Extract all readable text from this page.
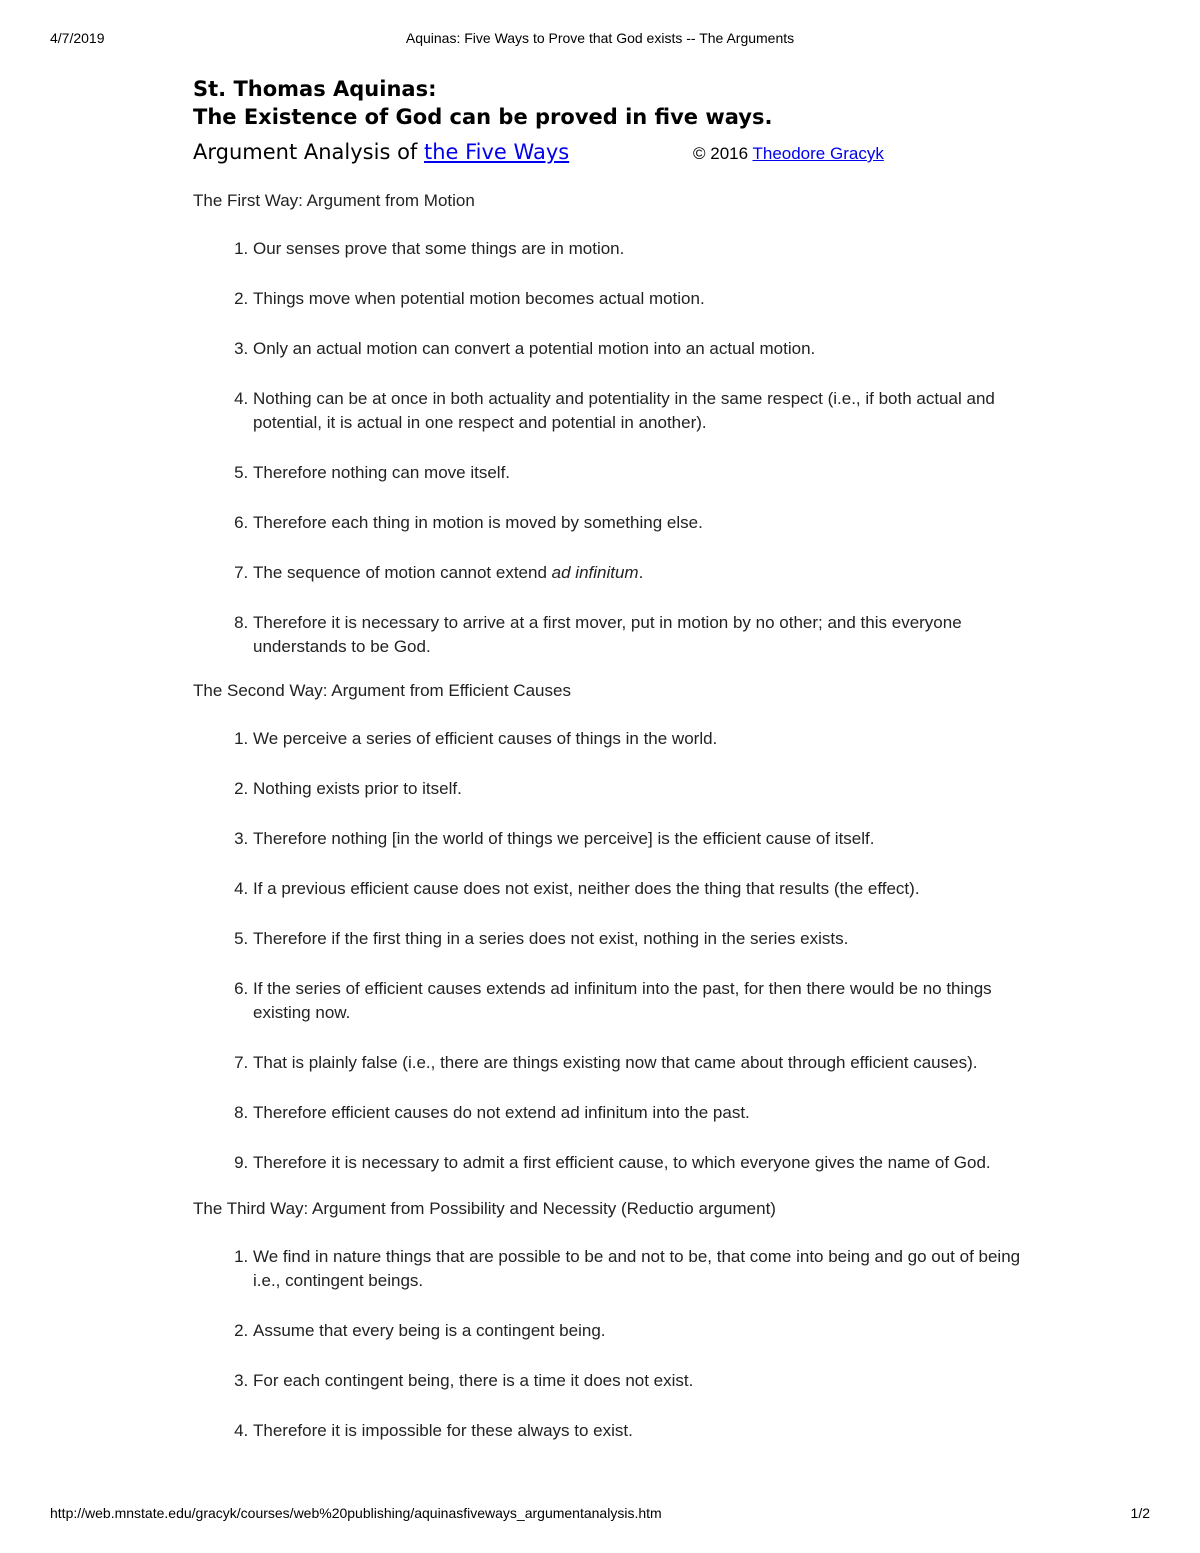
4/7/2019	Aquinas: Five Ways to Prove that God exists -- The Arguments

St. Thomas Aquinas:

The Existence of God can be proved in five ways.

Argument Analysis of the Five Ways	© 2016 Theodore Gracyk

The First Way: Argument from Motion

1. Our senses prove that some things are in motion.
2. Things move when potential motion becomes actual motion.
3. Only an actual motion can convert a potential motion into an actual motion.
4. Nothing can be at once in both actuality and potentiality in the same respect (i.e., if both actual and potential, it is actual in one respect and potential in another).
5. Therefore nothing can move itself.
6. Therefore each thing in motion is moved by something else.
7. The sequence of motion cannot extend ad infinitum.
8. Therefore it is necessary to arrive at a first mover, put in motion by no other; and this everyone understands to be God.

The Second Way: Argument from Efficient Causes

1. We perceive a series of efficient causes of things in the world.
2. Nothing exists prior to itself.
3. Therefore nothing [in the world of things we perceive] is the efficient cause of itself.
4. If a previous efficient cause does not exist, neither does the thing that results (the effect).
5. Therefore if the first thing in a series does not exist, nothing in the series exists.
6. If the series of efficient causes extends ad infinitum into the past, for then there would be no things existing now.
7. That is plainly false (i.e., there are things existing now that came about through efficient causes).
8. Therefore efficient causes do not extend ad infinitum into the past.
9. Therefore it is necessary to admit a first efficient cause, to which everyone gives the name of God.

The Third Way: Argument from Possibility and Necessity (Reductio argument)

1. We find in nature things that are possible to be and not to be, that come into being and go out of being i.e., contingent beings.
2. Assume that every being is a contingent being.
3. For each contingent being, there is a time it does not exist.
4. Therefore it is impossible for these always to exist.
http://web.mnstate.edu/gracyk/courses/web%20publishing/aquinasfiveways_argumentanalysis.htm	1/2
